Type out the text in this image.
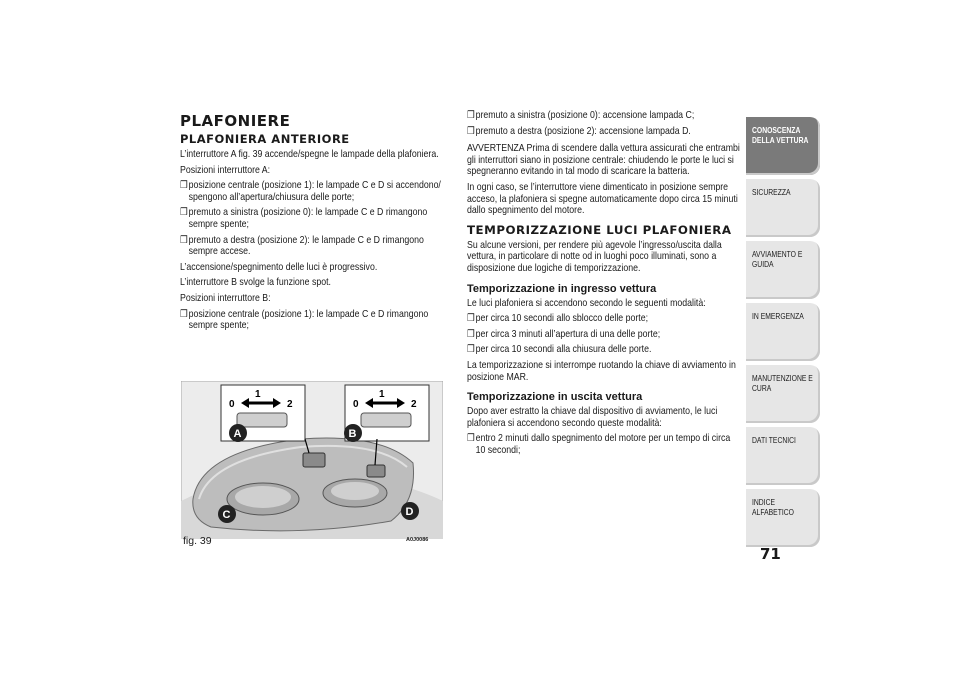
PLAFONIERE
PLAFONIERA ANTERIORE

L’interruttore A fig. 39 accende/spegne le lampade della plafoniera.

Posizioni interruttore A:

❒ posizione centrale (posizione 1): le lampade C e D si accendono/ spengono all’apertura/chiusura delle porte;

❒ premuto a sinistra (posizione 0): le lampade C e D rimangono sempre spente;

❒ premuto a destra (posizione 2): le lampade C e D rimangono sempre accese.

L’accensione/spegnimento delle luci è progressivo.

L’interruttore B svolge la funzione spot.

Posizioni interruttore B:

❒ posizione centrale (posizione 1): le lampade C e D rimangono sempre spente;

1
0	2
1
0	2
A	B
C	D
fig. 39	A0J0086

❒ premuto a sinistra (posizione 0): accensione lampada C;

❒ premuto a destra (posizione 2): accensione lampada D.

AVVERTENZA Prima di scendere dalla vettura assicurati che entrambi gli interruttori siano in posizione centrale: chiudendo le porte le luci si spegneranno evitando in tal modo di scaricare la batteria.

In ogni caso, se l’interruttore viene dimenticato in posizione sempre acceso, la plafoniera si spegne automaticamente dopo circa 15 minuti dallo spegnimento del motore.

TEMPORIZZAZIONE LUCI PLAFONIERA

Su alcune versioni, per rendere più agevole l’ingresso/uscita dalla vettura, in particolare di notte od in luoghi poco illuminati, sono a disposizione due logiche di temporizzazione.

Temporizzazione in ingresso vettura

Le luci plafoniera si accendono secondo le seguenti modalità:

❒ per circa 10 secondi allo sblocco delle porte;

❒ per circa 3 minuti all’apertura di una delle porte;

❒ per circa 10 secondi alla chiusura delle porte.

La temporizzazione si interrompe ruotando la chiave di avviamento in posizione MAR.

Temporizzazione in uscita vettura

Dopo aver estratto la chiave dal dispositivo di avviamento, le luci plafoniera si accendono secondo queste modalità:

❒ entro 2 minuti dallo spegnimento del motore per un tempo di circa 10 secondi;

CONOSCENZA DELLA VETTURA
SICUREZZA
AVVIAMENTO E GUIDA
IN EMERGENZA
MANUTENZIONE E CURA
DATI TECNICI
INDICE ALFABETICO
71
